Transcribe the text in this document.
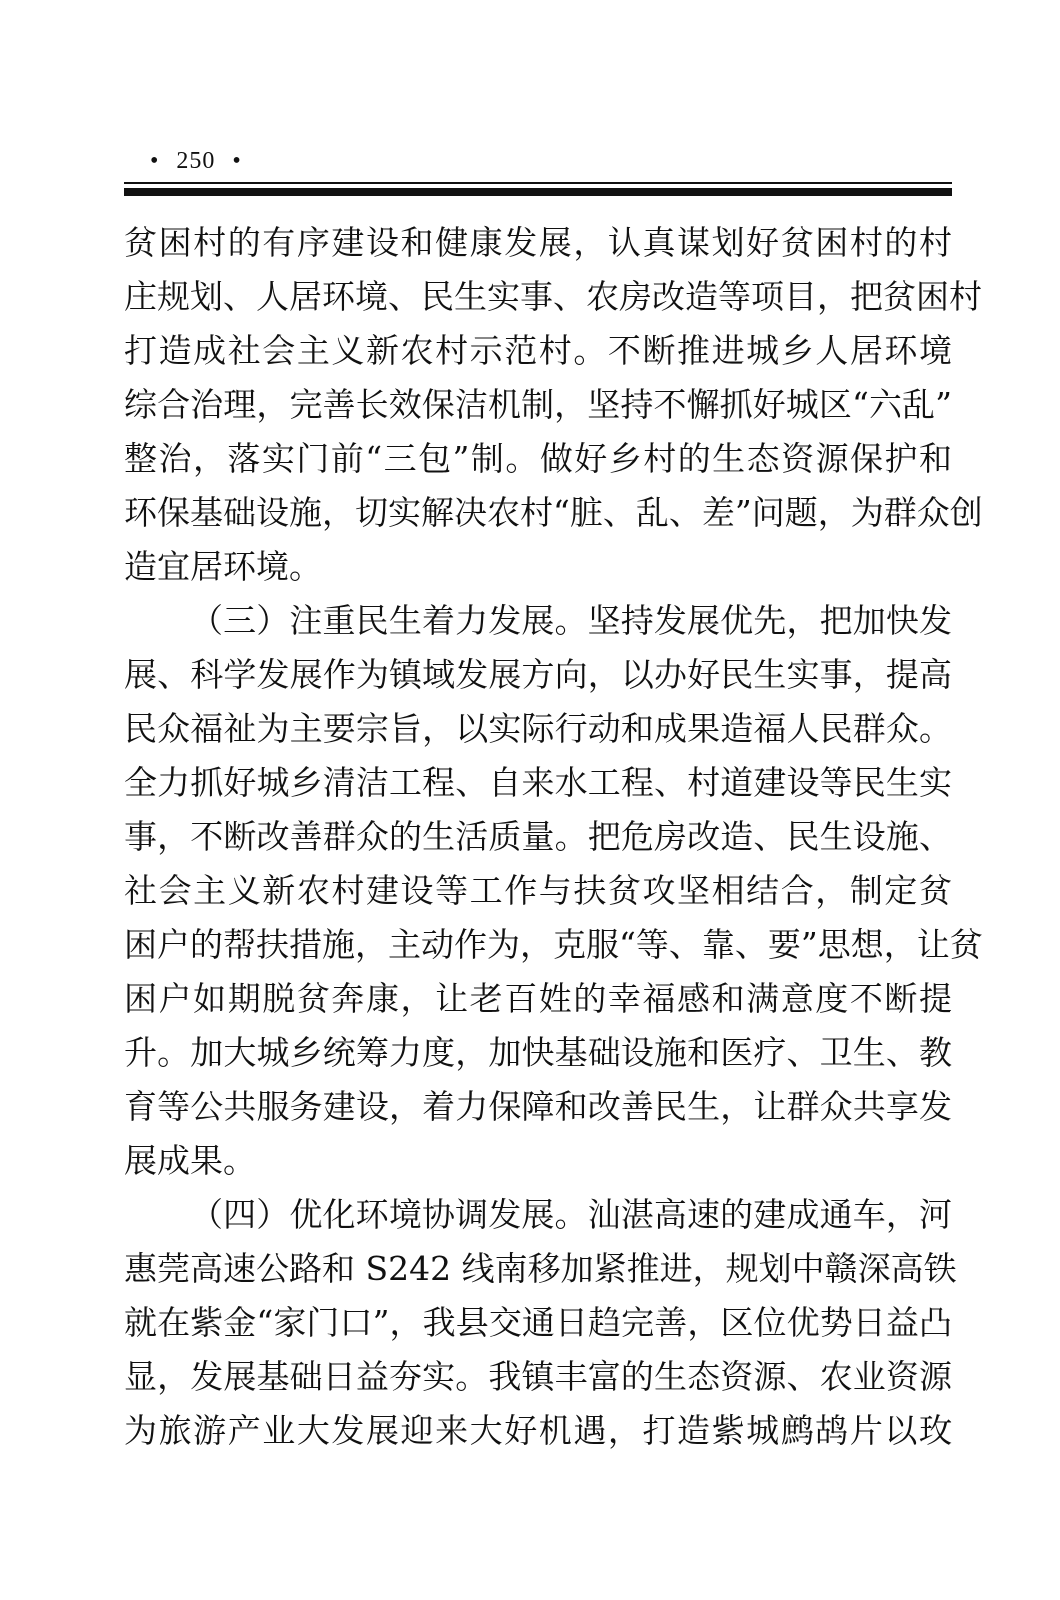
• 250 •
贫困村的有序建设和健康发展，认真谋划好贫困村的村
庄规划、人居环境、民生实事、农房改造等项目，把贫困村
打造成社会主义新农村示范村。不断推进城乡人居环境
综合治理，完善长效保洁机制，坚持不懈抓好城区“六乱”
整治，落实门前“三包”制。做好乡村的生态资源保护和
环保基础设施，切实解决农村“脏、乱、差”问题，为群众创
造宜居环境。
（三）注重民生着力发展。坚持发展优先，把加快发
展、科学发展作为镇域发展方向，以办好民生实事，提高
民众福祉为主要宗旨，以实际行动和成果造福人民群众。
全力抓好城乡清洁工程、自来水工程、村道建设等民生实
事，不断改善群众的生活质量。把危房改造、民生设施、
社会主义新农村建设等工作与扶贫攻坚相结合，制定贫
困户的帮扶措施，主动作为，克服“等、靠、要”思想，让贫
困户如期脱贫奔康，让老百姓的幸福感和满意度不断提
升。加大城乡统筹力度，加快基础设施和医疗、卫生、教
育等公共服务建设，着力保障和改善民生，让群众共享发
展成果。
（四）优化环境协调发展。汕湛高速的建成通车，河
惠莞高速公路和 S242 线南移加紧推进，规划中赣深高铁
就在紫金“家门口”，我县交通日趋完善，区位优势日益凸
显，发展基础日益夯实。我镇丰富的生态资源、农业资源
为旅游产业大发展迎来大好机遇，打造紫城鹧鸪片以玫
